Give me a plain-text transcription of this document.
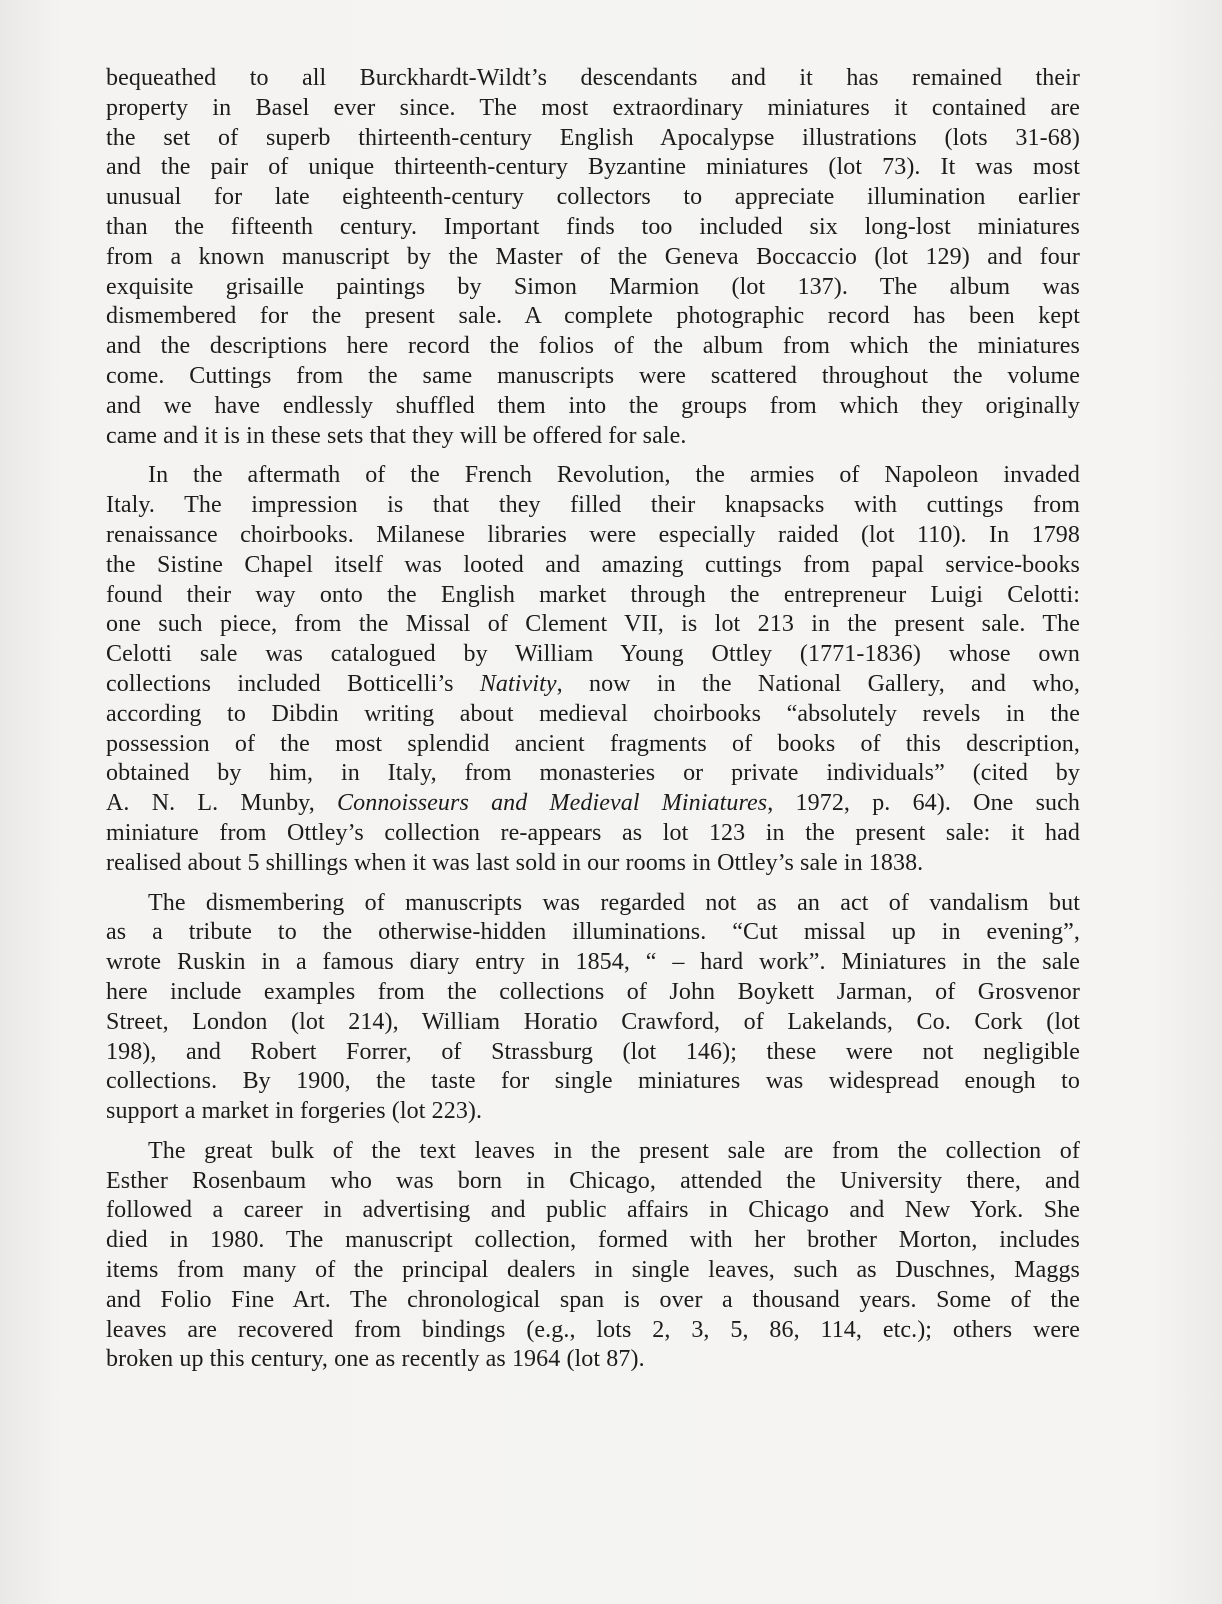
bequeathed to all Burckhardt-Wildt’s descendants and it has remained their
property in Basel ever since. The most extraordinary miniatures it contained are
the set of superb thirteenth-century English Apocalypse illustrations (lots 31-68)
and the pair of unique thirteenth-century Byzantine miniatures (lot 73). It was most
unusual for late eighteenth-century collectors to appreciate illumination earlier
than the fifteenth century. Important finds too included six long-lost miniatures
from a known manuscript by the Master of the Geneva Boccaccio (lot 129) and four
exquisite grisaille paintings by Simon Marmion (lot 137). The album was
dismembered for the present sale. A complete photographic record has been kept
and the descriptions here record the folios of the album from which the miniatures
come. Cuttings from the same manuscripts were scattered throughout the volume
and we have endlessly shuffled them into the groups from which they originally
came and it is in these sets that they will be offered for sale.
In the aftermath of the French Revolution, the armies of Napoleon invaded
Italy. The impression is that they filled their knapsacks with cuttings from
renaissance choirbooks. Milanese libraries were especially raided (lot 110). In 1798
the Sistine Chapel itself was looted and amazing cuttings from papal service-books
found their way onto the English market through the entrepreneur Luigi Celotti:
one such piece, from the Missal of Clement VII, is lot 213 in the present sale. The
Celotti sale was catalogued by William Young Ottley (1771-1836) whose own
collections included Botticelli’s Nativity, now in the National Gallery, and who,
according to Dibdin writing about medieval choirbooks “absolutely revels in the
possession of the most splendid ancient fragments of books of this description,
obtained by him, in Italy, from monasteries or private individuals” (cited by
A. N. L. Munby, Connoisseurs and Medieval Miniatures, 1972, p. 64). One such
miniature from Ottley’s collection re-appears as lot 123 in the present sale: it had
realised about 5 shillings when it was last sold in our rooms in Ottley’s sale in 1838.
The dismembering of manuscripts was regarded not as an act of vandalism but
as a tribute to the otherwise-hidden illuminations. “Cut missal up in evening”,
wrote Ruskin in a famous diary entry in 1854, “ – hard work”. Miniatures in the sale
here include examples from the collections of John Boykett Jarman, of Grosvenor
Street, London (lot 214), William Horatio Crawford, of Lakelands, Co. Cork (lot
198), and Robert Forrer, of Strassburg (lot 146); these were not negligible
collections. By 1900, the taste for single miniatures was widespread enough to
support a market in forgeries (lot 223).
The great bulk of the text leaves in the present sale are from the collection of
Esther Rosenbaum who was born in Chicago, attended the University there, and
followed a career in advertising and public affairs in Chicago and New York. She
died in 1980. The manuscript collection, formed with her brother Morton, includes
items from many of the principal dealers in single leaves, such as Duschnes, Maggs
and Folio Fine Art. The chronological span is over a thousand years. Some of the
leaves are recovered from bindings (e.g., lots 2, 3, 5, 86, 114, etc.); others were
broken up this century, one as recently as 1964 (lot 87).
